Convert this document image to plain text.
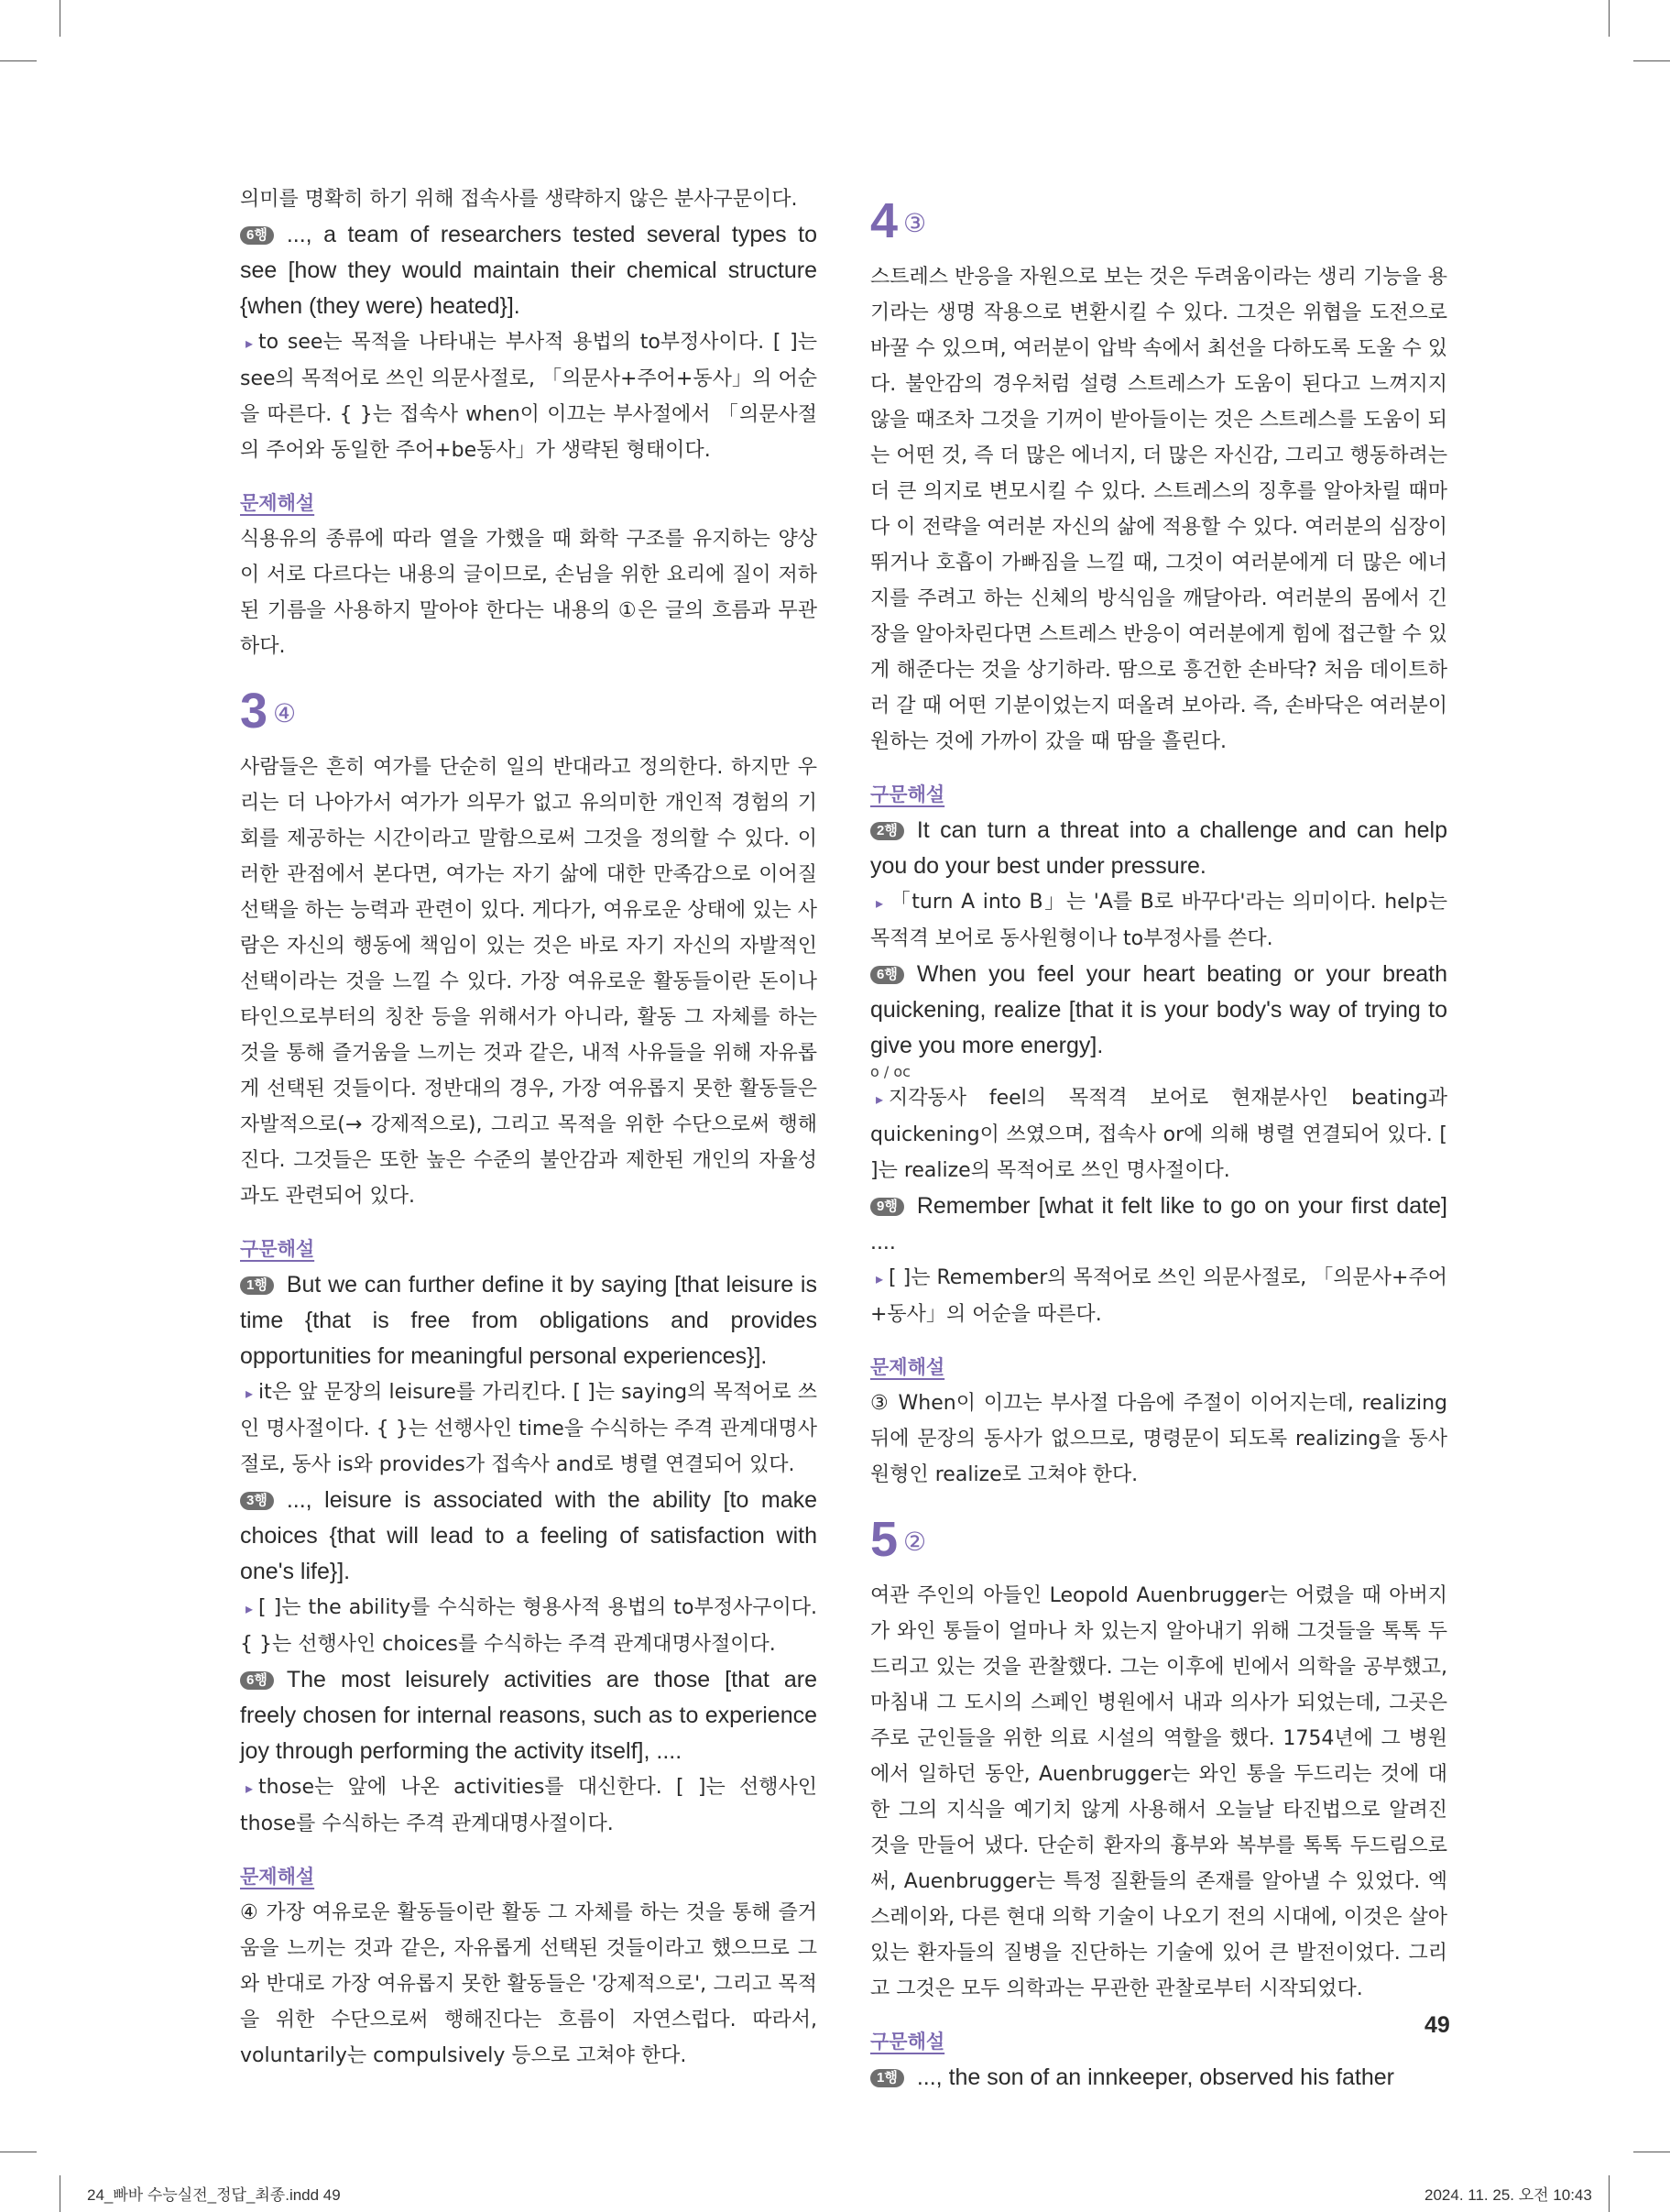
의미를 명확히 하기 위해 접속사를 생략하지 않은 분사구문이다.

6행 ..., a team of researchers tested several types to see [how they would maintain their chemical structure {when (they were) heated}].

▸ to see는 목적을 나타내는 부사적 용법의 to부정사이다. [ ]는 see의 목적어로 쓰인 의문사절로, 「의문사+주어+동사」의 어순을 따른다. { }는 접속사 when이 이끄는 부사절에서 「의문사절의 주어와 동일한 주어+be동사」가 생략된 형태이다.

문제해설

식용유의 종류에 따라 열을 가했을 때 화학 구조를 유지하는 양상이 서로 다르다는 내용의 글이므로, 손님을 위한 요리에 질이 저하된 기름을 사용하지 말아야 한다는 내용의 ①은 글의 흐름과 무관하다.

3 ④

사람들은 흔히 여가를 단순히 일의 반대라고 정의한다. 하지만 우리는 더 나아가서 여가가 의무가 없고 유의미한 개인적 경험의 기회를 제공하는 시간이라고 말함으로써 그것을 정의할 수 있다. 이러한 관점에서 본다면, 여가는 자기 삶에 대한 만족감으로 이어질 선택을 하는 능력과 관련이 있다. 게다가, 여유로운 상태에 있는 사람은 자신의 행동에 책임이 있는 것은 바로 자기 자신의 자발적인 선택이라는 것을 느낄 수 있다. 가장 여유로운 활동들이란 돈이나 타인으로부터의 칭찬 등을 위해서가 아니라, 활동 그 자체를 하는 것을 통해 즐거움을 느끼는 것과 같은, 내적 사유들을 위해 자유롭게 선택된 것들이다. 정반대의 경우, 가장 여유롭지 못한 활동들은 자발적으로(→ 강제적으로), 그리고 목적을 위한 수단으로써 행해진다. 그것들은 또한 높은 수준의 불안감과 제한된 개인의 자율성과도 관련되어 있다.

구문해설

1행 But we can further define it by saying [that leisure is time {that is free from obligations and provides opportunities for meaningful personal experiences}].

▸ it은 앞 문장의 leisure를 가리킨다. [ ]는 saying의 목적어로 쓰인 명사절이다. { }는 선행사인 time을 수식하는 주격 관계대명사절로, 동사 is와 provides가 접속사 and로 병렬 연결되어 있다.

3행 ..., leisure is associated with the ability [to make choices {that will lead to a feeling of satisfaction with one's life}].

▸ [ ]는 the ability를 수식하는 형용사적 용법의 to부정사구이다. { }는 선행사인 choices를 수식하는 주격 관계대명사절이다.

6행 The most leisurely activities are those [that are freely chosen for internal reasons, such as to experience joy through performing the activity itself], ....

▸ those는 앞에 나온 activities를 대신한다. [ ]는 선행사인 those를 수식하는 주격 관계대명사절이다.

문제해설

④ 가장 여유로운 활동들이란 활동 그 자체를 하는 것을 통해 즐거움을 느끼는 것과 같은, 자유롭게 선택된 것들이라고 했으므로 그와 반대로 가장 여유롭지 못한 활동들은 '강제적으로', 그리고 목적을 위한 수단으로써 행해진다는 흐름이 자연스럽다. 따라서, voluntarily는 compulsively 등으로 고쳐야 한다.

4 ③

스트레스 반응을 자원으로 보는 것은 두려움이라는 생리 기능을 용기라는 생명 작용으로 변환시킬 수 있다. 그것은 위협을 도전으로 바꿀 수 있으며, 여러분이 압박 속에서 최선을 다하도록 도울 수 있다. 불안감의 경우처럼 설령 스트레스가 도움이 된다고 느껴지지 않을 때조차 그것을 기꺼이 받아들이는 것은 스트레스를 도움이 되는 어떤 것, 즉 더 많은 에너지, 더 많은 자신감, 그리고 행동하려는 더 큰 의지로 변모시킬 수 있다. 스트레스의 징후를 알아차릴 때마다 이 전략을 여러분 자신의 삶에 적용할 수 있다. 여러분의 심장이 뛰거나 호흡이 가빠짐을 느낄 때, 그것이 여러분에게 더 많은 에너지를 주려고 하는 신체의 방식임을 깨달아라. 여러분의 몸에서 긴장을 알아차린다면 스트레스 반응이 여러분에게 힘에 접근할 수 있게 해준다는 것을 상기하라. 땀으로 흥건한 손바닥? 처음 데이트하러 갈 때 어떤 기분이었는지 떠올려 보아라. 즉, 손바닥은 여러분이 원하는 것에 가까이 갔을 때 땀을 흘린다.

구문해설

2행 It can turn a threat into a challenge and can help you do your best under pressure.

▸ 「turn A into B」는 'A를 B로 바꾸다'라는 의미이다. help는 목적격 보어로 동사원형이나 to부정사를 쓴다.

6행 When you feel your heart beating or your breath quickening, realize [that it is your body's way of trying to give you more energy].

o / oc

▸ 지각동사 feel의 목적격 보어로 현재분사인 beating과 quickening이 쓰였으며, 접속사 or에 의해 병렬 연결되어 있다. [ ]는 realize의 목적어로 쓰인 명사절이다.

9행 Remember [what it felt like to go on your first date] ....

▸ [ ]는 Remember의 목적어로 쓰인 의문사절로, 「의문사+주어+동사」의 어순을 따른다.

문제해설

③ When이 이끄는 부사절 다음에 주절이 이어지는데, realizing 뒤에 문장의 동사가 없으므로, 명령문이 되도록 realizing을 동사원형인 realize로 고쳐야 한다.

5 ②

여관 주인의 아들인 Leopold Auenbrugger는 어렸을 때 아버지가 와인 통들이 얼마나 차 있는지 알아내기 위해 그것들을 톡톡 두드리고 있는 것을 관찰했다. 그는 이후에 빈에서 의학을 공부했고, 마침내 그 도시의 스페인 병원에서 내과 의사가 되었는데, 그곳은 주로 군인들을 위한 의료 시설의 역할을 했다. 1754년에 그 병원에서 일하던 동안, Auenbrugger는 와인 통을 두드리는 것에 대한 그의 지식을 예기치 않게 사용해서 오늘날 타진법으로 알려진 것을 만들어 냈다. 단순히 환자의 흉부와 복부를 톡톡 두드림으로써, Auenbrugger는 특정 질환들의 존재를 알아낼 수 있었다. 엑스레이와, 다른 현대 의학 기술이 나오기 전의 시대에, 이것은 살아 있는 환자들의 질병을 진단하는 기술에 있어 큰 발전이었다. 그리고 그것은 모두 의학과는 무관한 관찰로부터 시작되었다.

구문해설

1행 ..., the son of an innkeeper, observed his father

49
24_빠바 수능실전_정답_최종.indd 49	2024. 11. 25. 오전 10:43
